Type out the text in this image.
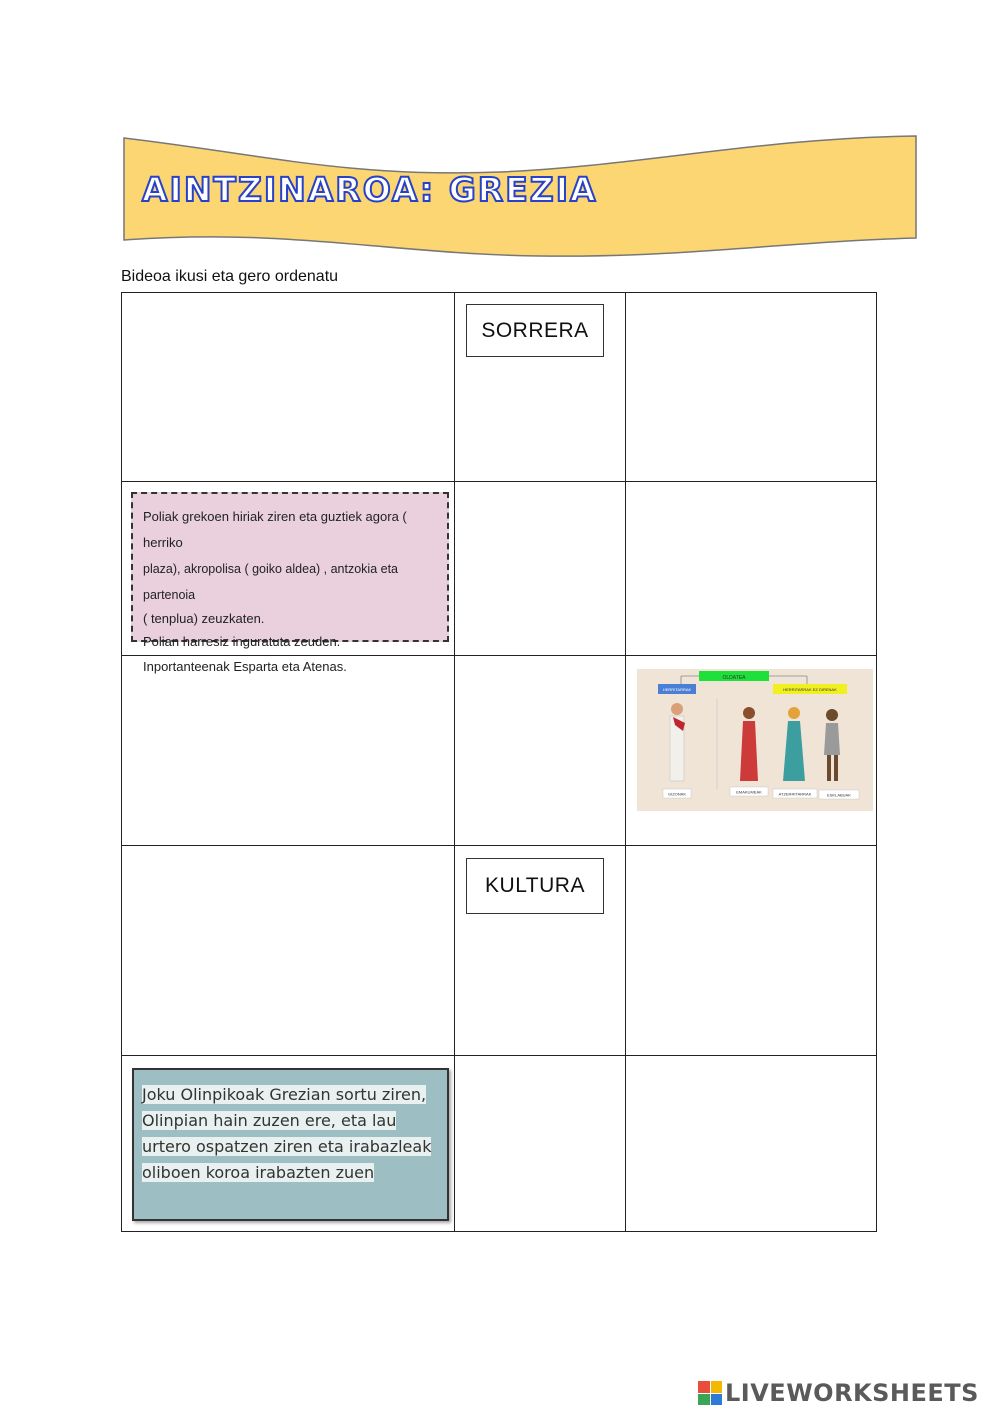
AINTZINAROA: GREZIA
Bideoa ikusi eta gero ordenatu
SORRERA
Poliak grekoen hiriak ziren eta guztiek agora ( herriko
plaza), akropolisa ( goiko aldea) , antzokia eta partenoia
( tenplua) zeuzkaten.
Polian harresiz inguratuta zeuden.
Inportanteenak Esparta eta Atenas.
KULTURA
Joku Olinpikoak Grezian sortu ziren,
Olinpian hain zuzen ere, eta lau
urtero ospatzen ziren eta irabazleak
oliboen koroa irabazten zuen
OLDATEA
HERRITARRAK	HERRITARRAK EZ DIRENAK
GIZONAK	EMAKUMEAK	ATZERRITARRAK	ESKLABUAK
LIVEWORKSHEETS
